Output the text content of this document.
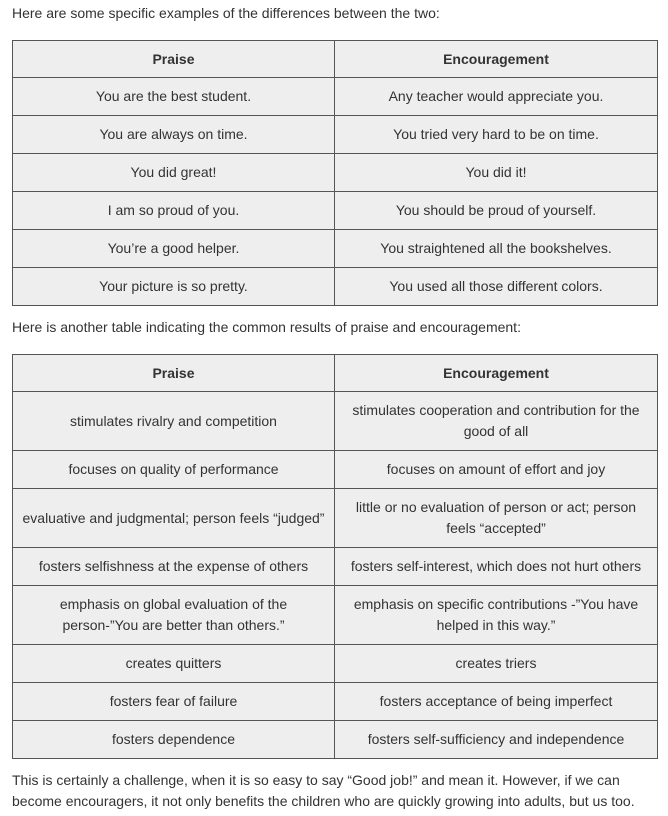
Here are some specific examples of the differences between the two:

Praise	Encouragement
You are the best student.	Any teacher would appreciate you.
You are always on time.	You tried very hard to be on time.
You did great!	You did it!
I am so proud of you.	You should be proud of yourself.
You’re a good helper.	You straightened all the bookshelves.
Your picture is so pretty.	You used all those different colors.

Here is another table indicating the common results of praise and encouragement:

Praise	Encouragement
stimulates rivalry and competition	stimulates cooperation and contribution for the good of all
focuses on quality of performance	focuses on amount of effort and joy
evaluative and judgmental; person feels “judged”	little or no evaluation of person or act; person feels “accepted”
fosters selfishness at the expense of others	fosters self-interest, which does not hurt others
emphasis on global evaluation of the person-”You are better than others.”	emphasis on specific contributions -”You have helped in this way.”
creates quitters	creates triers
fosters fear of failure	fosters acceptance of being imperfect
fosters dependence	fosters self-sufficiency and independence

This is certainly a challenge, when it is so easy to say “Good job!” and mean it. However, if we can become encouragers, it not only benefits the children who are quickly growing into adults, but us too.
